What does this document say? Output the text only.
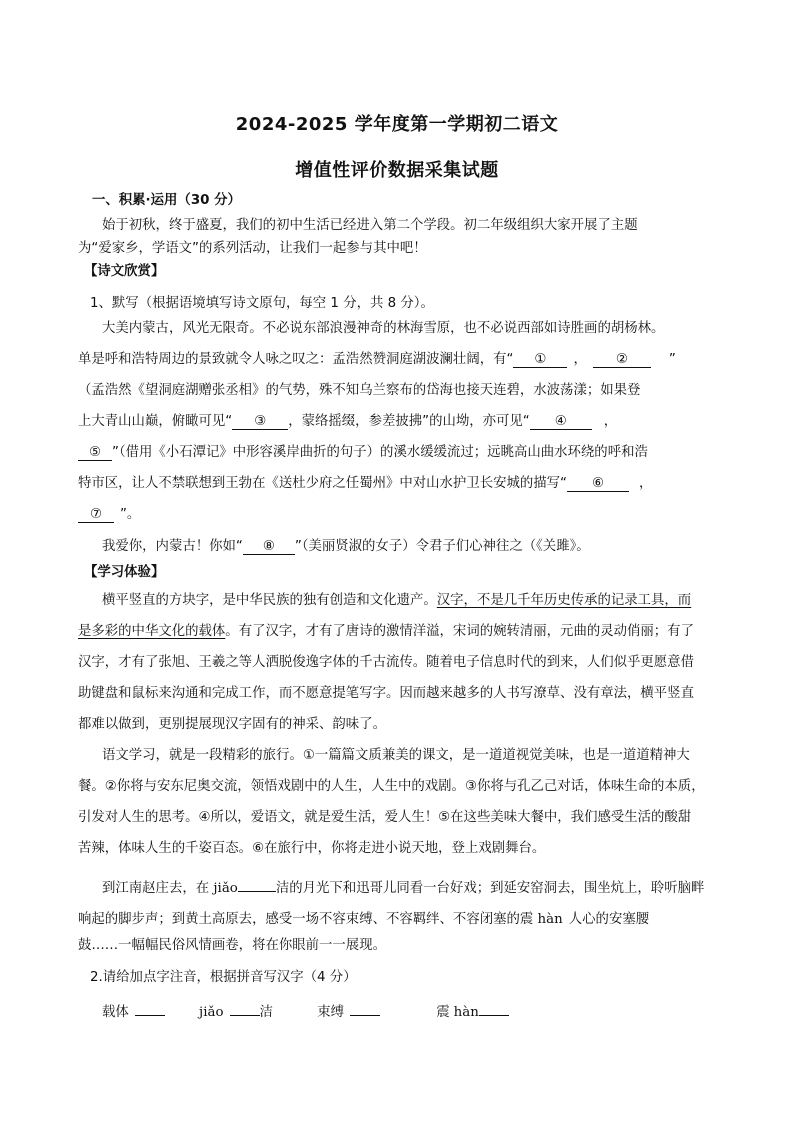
2024-2025 学年度第一学期初二语文
增值性评价数据采集试题
一、积累·运用（30 分）
始于初秋，终于盛夏，我们的初中生活已经进入第二个学段。初二年级组织大家开展了主题
为“爱家乡，学语文”的系列活动，让我们一起参与其中吧！
【诗文欣赏】
1、默写（根据语境填写诗文原句，每空 1 分，共 8 分）。
大美内蒙古，风光无限奇。不必说东部浪漫神奇的林海雪原，也不必说西部如诗胜画的胡杨林。
单是呼和浩特周边的景致就令人咏之叹之：孟浩然赞洞庭湖波澜壮阔，有“ ① ， ②	”
（孟浩然《望洞庭湖赠张丞相》的气势，殊不知乌兰察布的岱海也接天连碧，水波荡漾；如果登
上大青山山巅，俯瞰可见“ ③ ，蒙络摇缀，参差披拂”的山坳，亦可见“ ④	，
⑤ ”（借用《小石潭记》中形容溪岸曲折的句子）的溪水缓缓流过；远眺高山曲水环绕的呼和浩
特市区，让人不禁联想到王勃在《送杜少府之任蜀州》中对山水护卫长安城的描写“ ⑥	，
⑦ ”。
我爱你，内蒙古！你如“ ⑧ ”（美丽贤淑的女子）令君子们心神往之（《关雎》。
【学习体验】
横平竖直的方块字，是中华民族的独有创造和文化遗产。汉字，不是几千年历史传承的记录工具，而
是多彩的中华文化的载体。有了汉字，才有了唐诗的激情洋溢，宋词的婉转清丽，元曲的灵动俏丽；有了
汉字，才有了张旭、王羲之等人洒脱俊逸字体的千古流传。随着电子信息时代的到来，人们似乎更愿意借
助键盘和鼠标来沟通和完成工作，而不愿意提笔写字。因而越来越多的人书写潦草、没有章法，横平竖直
都难以做到，更别提展现汉字固有的神采、韵味了。
语文学习，就是一段精彩的旅行。①一篇篇文质兼美的课文，是一道道视觉美味，也是一道道精神大
餐。②你将与安东尼奥交流，领悟戏剧中的人生，人生中的戏剧。③你将与孔乙己对话，体味生命的本质，
引发对人生的思考。④所以，爱语文，就是爱生活，爱人生！⑤在这些美味大餐中，我们感受生活的酸甜
苦辣，体味人生的千姿百态。⑥在旅行中，你将走进小说天地，登上戏剧舞台。
到江南赵庄去，在 jiǎo	洁的月光下和迅哥儿同看一台好戏；到延安窑洞去，围坐炕上，聆听脑畔
响起的脚步声；到黄土高原去，感受一场不容束缚、不容羁绊、不容闭塞的震 hàn 人心的安塞腰
鼓……一幅幅民俗风情画卷，将在你眼前一一展现。
2.请给加点字注音，根据拼音写汉字（4 分）
载体	jiǎo	洁	束缚	震 hàn
